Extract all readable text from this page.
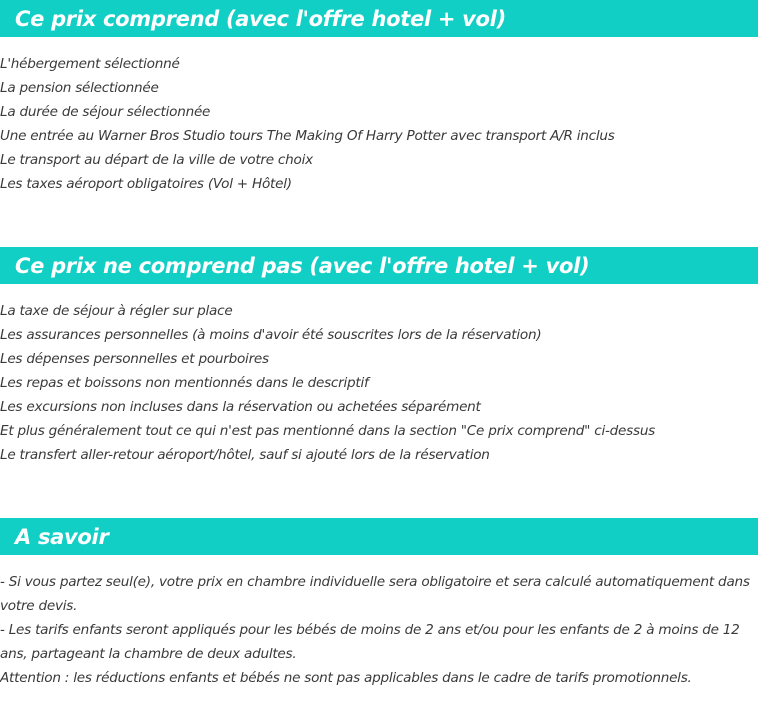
Ce prix comprend (avec l'offre hotel + vol)
L'hébergement sélectionné
La pension sélectionnée
La durée de séjour sélectionnée
Une entrée au Warner Bros Studio tours The Making Of Harry Potter avec transport A/R inclus
Le transport au départ de la ville de votre choix
Les taxes aéroport obligatoires (Vol + Hôtel)
Ce prix ne comprend pas (avec l'offre hotel + vol)
La taxe de séjour à régler sur place
Les assurances personnelles (à moins d'avoir été souscrites lors de la réservation)
Les dépenses personnelles et pourboires
Les repas et boissons non mentionnés dans le descriptif
Les excursions non incluses dans la réservation ou achetées séparément
Et plus généralement tout ce qui n'est pas mentionné dans la section "Ce prix comprend" ci-dessus
Le transfert aller-retour aéroport/hôtel, sauf si ajouté lors de la réservation
A savoir

- Si vous partez seul(e), votre prix en chambre individuelle sera obligatoire et sera calculé automatiquement dans votre devis.

- Les tarifs enfants seront appliqués pour les bébés de moins de 2 ans et/ou pour les enfants de 2 à moins de 12 ans, partageant la chambre de deux adultes.

Attention : les réductions enfants et bébés ne sont pas applicables dans le cadre de tarifs promotionnels.
